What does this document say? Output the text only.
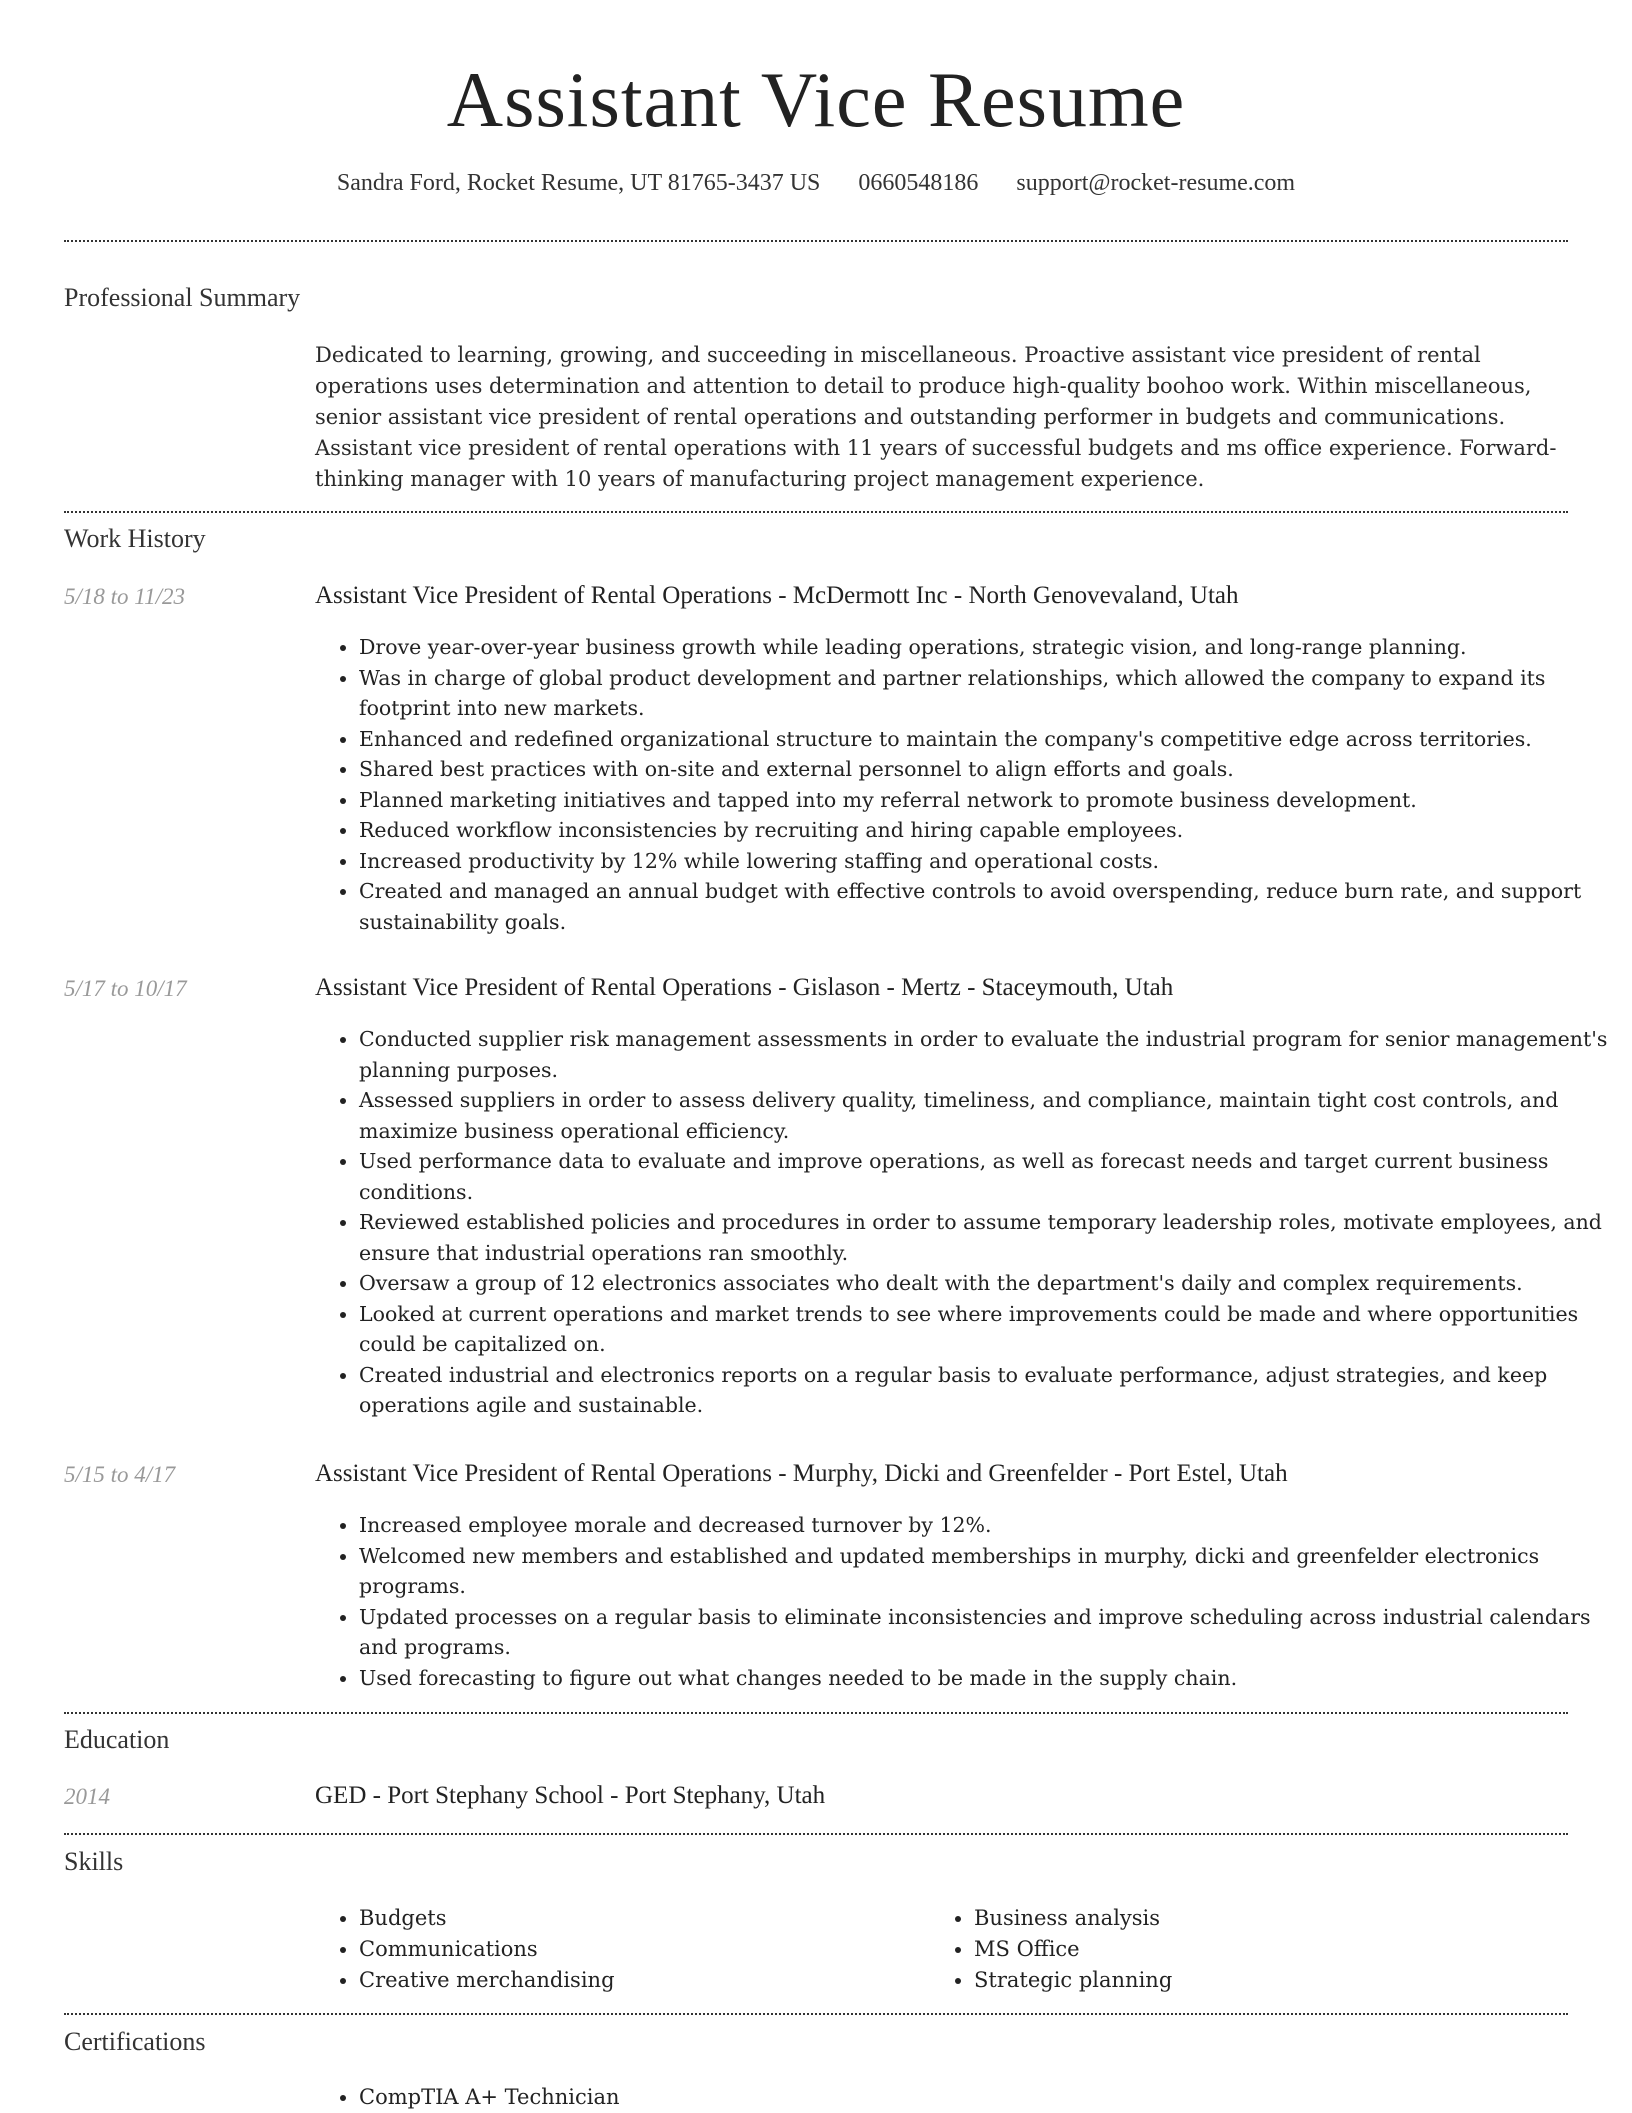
Assistant Vice Resume
Sandra Ford, Rocket Resume, UT 81765-3437 US 0660548186 support@rocket-resume.com
Professional Summary
Dedicated to learning, growing, and succeeding in miscellaneous. Proactive assistant vice president of rental operations uses determination and attention to detail to produce high-quality boohoo work. Within miscellaneous, senior assistant vice president of rental operations and outstanding performer in budgets and communications. Assistant vice president of rental operations with 11 years of successful budgets and ms office experience. Forward-thinking manager with 10 years of manufacturing project management experience.
Work History
5/18 to 11/23	Assistant Vice President of Rental Operations - McDermott Inc - North Genovevaland, Utah
• Drove year-over-year business growth while leading operations, strategic vision, and long-range planning.
• Was in charge of global product development and partner relationships, which allowed the company to expand its footprint into new markets.
• Enhanced and redefined organizational structure to maintain the company's competitive edge across territories.
• Shared best practices with on-site and external personnel to align efforts and goals.
• Planned marketing initiatives and tapped into my referral network to promote business development.
• Reduced workflow inconsistencies by recruiting and hiring capable employees.
• Increased productivity by 12% while lowering staffing and operational costs.
• Created and managed an annual budget with effective controls to avoid overspending, reduce burn rate, and support sustainability goals.
5/17 to 10/17	Assistant Vice President of Rental Operations - Gislason - Mertz - Staceymouth, Utah
• Conducted supplier risk management assessments in order to evaluate the industrial program for senior management's planning purposes.
• Assessed suppliers in order to assess delivery quality, timeliness, and compliance, maintain tight cost controls, and maximize business operational efficiency.
• Used performance data to evaluate and improve operations, as well as forecast needs and target current business conditions.
• Reviewed established policies and procedures in order to assume temporary leadership roles, motivate employees, and ensure that industrial operations ran smoothly.
• Oversaw a group of 12 electronics associates who dealt with the department's daily and complex requirements.
• Looked at current operations and market trends to see where improvements could be made and where opportunities could be capitalized on.
• Created industrial and electronics reports on a regular basis to evaluate performance, adjust strategies, and keep operations agile and sustainable.
5/15 to 4/17	Assistant Vice President of Rental Operations - Murphy, Dicki and Greenfelder - Port Estel, Utah
• Increased employee morale and decreased turnover by 12%.
• Welcomed new members and established and updated memberships in murphy, dicki and greenfelder electronics programs.
• Updated processes on a regular basis to eliminate inconsistencies and improve scheduling across industrial calendars and programs.
• Used forecasting to figure out what changes needed to be made in the supply chain.
Education
2014	GED - Port Stephany School - Port Stephany, Utah
Skills
• Budgets
• Communications
• Creative merchandising
• Business analysis
• MS Office
• Strategic planning
Certifications
• CompTIA A+ Technician
